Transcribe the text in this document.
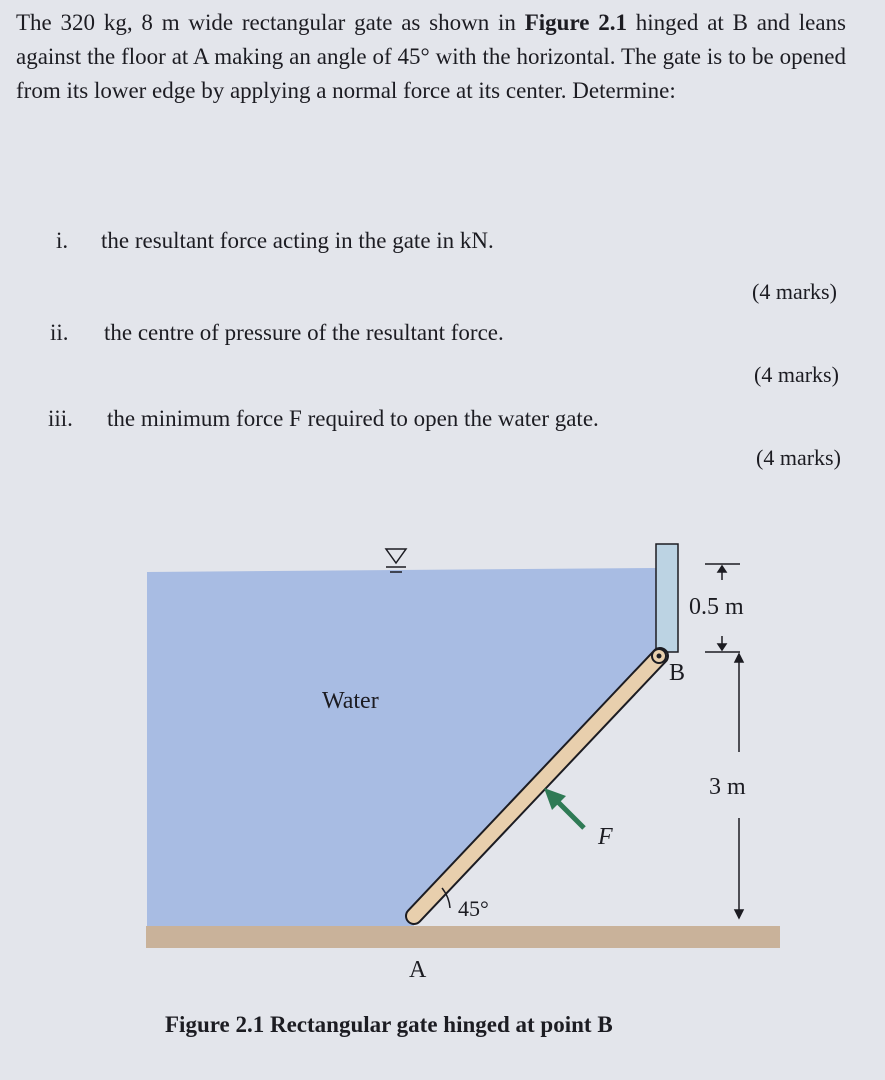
The 320 kg, 8 m wide rectangular gate as shown in Figure 2.1 hinged at B and leans against the floor at A making an angle of 45° with the horizontal. The gate is to be opened from its lower edge by applying a normal force at its center. Determine:
i. the resultant force acting in the gate in kN.
(4 marks)
ii. the centre of pressure of the resultant force.
(4 marks)
iii. the minimum force F required to open the water gate.
(4 marks)
Water
B
A
F
45°
0.5 m
3 m
Figure 2.1 Rectangular gate hinged at point B
